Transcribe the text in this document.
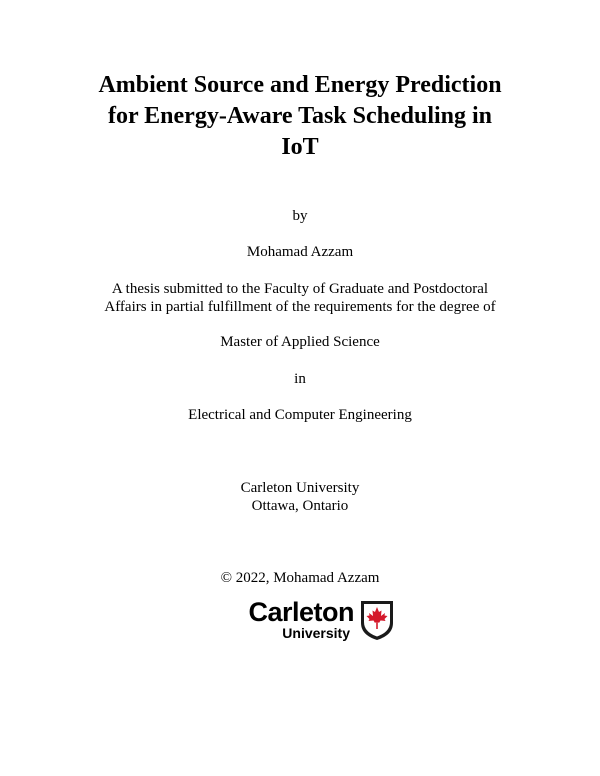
Ambient Source and Energy Prediction
for Energy-Aware Task Scheduling in
IoT
by
Mohamad Azzam
A thesis submitted to the Faculty of Graduate and Postdoctoral
Affairs in partial fulfillment of the requirements for the degree of
Master of Applied Science
in
Electrical and Computer Engineering
Carleton University
Ottawa, Ontario
© 2022, Mohamad Azzam
Carleton
University
